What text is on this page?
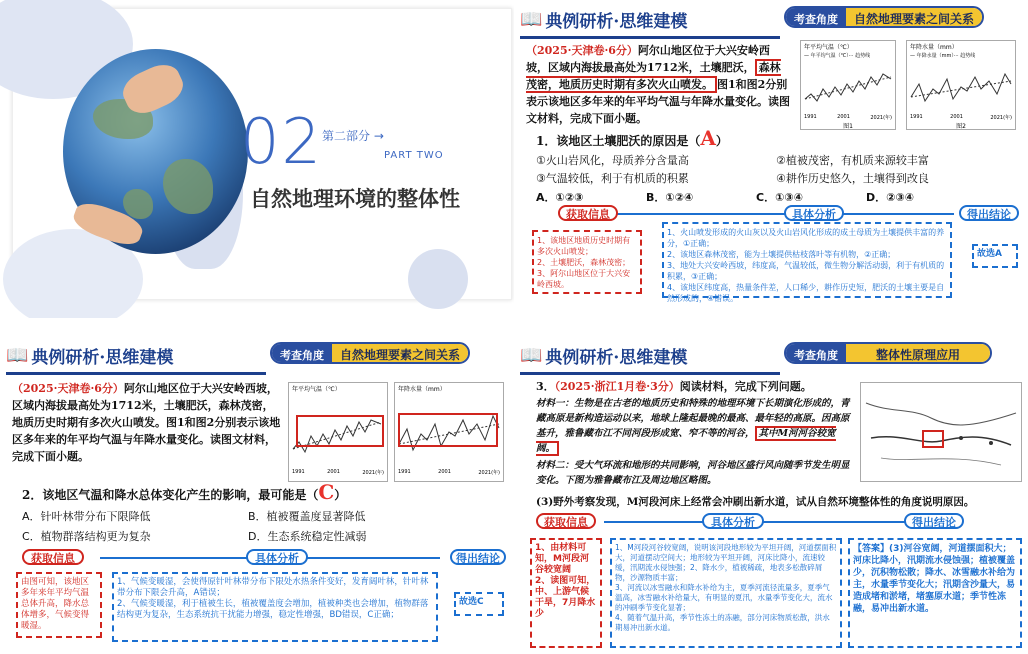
02 第二部分 →
PART TWO
自然地理环境的整体性
📖 典例研析·思维建模	考查角度	自然地理要素之间关系
（2025·天津卷·6分）阿尔山地区位于大兴安岭西坡，区域内海拔最高处为1712米，土壤肥沃， 森林茂密，地质历史时期有多次火山喷发。 图1和图2分别表示该地区多年来的年平均气温与年降水量变化。读图文材料，完成下面小题。
年平均气温（℃）
— 年平均气温（℃）··· 趋势线
1991	2001	2021(年)
图1
年降水量（mm）
— 年降水量（mm）··· 趋势线
1991	2001	2021(年)
图2
1．该地区土壤肥沃的原因是（A）
①火山岩风化，母质养分含量高	②植被茂密，有机质来源较丰富
③气温较低，利于有机质的积累	④耕作历史悠久，土壤得到改良
A．①②③	B．①②④	C．①③④	D．②③④
获取信息	具体分析	得出结论
1、该地区地质历史时期有多次火山喷发；
2、土壤肥沃，森林茂密；
3、阿尔山地区位于大兴安岭西坡。
1、火山喷发形成的火山灰以及火山岩风化形成的成土母质为土壤提供丰富的养分，①正确；
2、该地区森林茂密，能为土壤提供枯枝落叶等有机物，②正确；
3、地处大兴安岭西坡，纬度高，气温较低，微生物分解活动弱，利于有机质的积累，③正确；
4、该地区纬度高，热量条件差，人口稀少，耕作历史短，肥沃的土壤主要是自然形成的，④错误。
故选A
📖 典例研析·思维建模	考查角度	自然地理要素之间关系
（2025·天津卷·6分）阿尔山地区位于大兴安岭西坡，区域内海拔最高处为1712米，土壤肥沃，森林茂密，地质历史时期有多次火山喷发。图1和图2分别表示该地区多年来的年平均气温与年降水量变化。读图文材料，完成下面小题。
年平均气温（℃）
1991	2001	2021(年)
年降水量（mm）
1991	2001	2021(年)
2．该地区气温和降水总体变化产生的影响，最可能是（C）
A．针叶林带分布下限降低	B．植被覆盖度显著降低
C．植物群落结构更为复杂	D．生态系统稳定性减弱
获取信息	具体分析	得出结论
由图可知，该地区多年来年平均气温总体升高，降水总体增多，气候变得暖湿。
1、气候变暖湿，会使得原针叶林带分布下限处水热条件变好，发育阔叶林，针叶林带分布下限会升高，A错误；
2、气候变暖湿，利于植被生长，植被覆盖度会增加，植被种类也会增加，植物群落结构更为复杂，生态系统抗干扰能力增强，稳定性增强，BD错误，C正确；
故选C
📖 典例研析·思维建模	考查角度	整体性原理应用
3．（2025·浙江1月卷·3分）阅读材料，完成下列问题。
材料一：生物是在古老的地质历史和特殊的地理环境下长期演化形成的，青藏高原是新构造运动以来，地球上隆起最晚的最高、最年轻的高原。因高原基升，雅鲁藏布江不同河段形成宽、窄不等的河谷， 其中M河河谷较宽阔。
材料二：受大气环流和地形的共同影响，河谷地区盛行风向随季节发生明显变化。下图为雅鲁藏布江及周边地区略图。
(3)野外考察发现，M河段河床上经常会冲刷出新水道，试从自然环境整体性的角度说明原因。
获取信息	具体分析	得出结论
1、由材料可知，M河段河谷较宽阔
2、读图可知，中、上游气候干旱，7月降水少
1、M河段河谷较宽阔，说明该河段地形较为平坦开阔，河道摆面积大，河道摆动空间大；地形较为平坦开阔，河床比降小，流速较缓，汛期流水侵蚀强；2、降水少，植被稀疏，地表多松散碎屑物，沙源物质丰富；
3、河流以冰雪融水和降水补给为主，夏季河流径流量多，夏季气温高，冰雪融水补给量大，有明显的夏汛，水量季节变化大，流水的冲刷季节变化显著；
4、随着气温升高，季节性冻土的冻融，部分河床物质松散，洪水期易冲出新水道。
【答案】(3)河谷宽阔，河道摆面积大；河床比降小，汛期流水侵蚀强；植被覆盖少，沉积物松散；降水、冰雪融水补给为主，水量季节变化大；汛期含沙量大，易造成堵和淤堵，堵塞原水道；季节性冻融，易冲出新水道。
